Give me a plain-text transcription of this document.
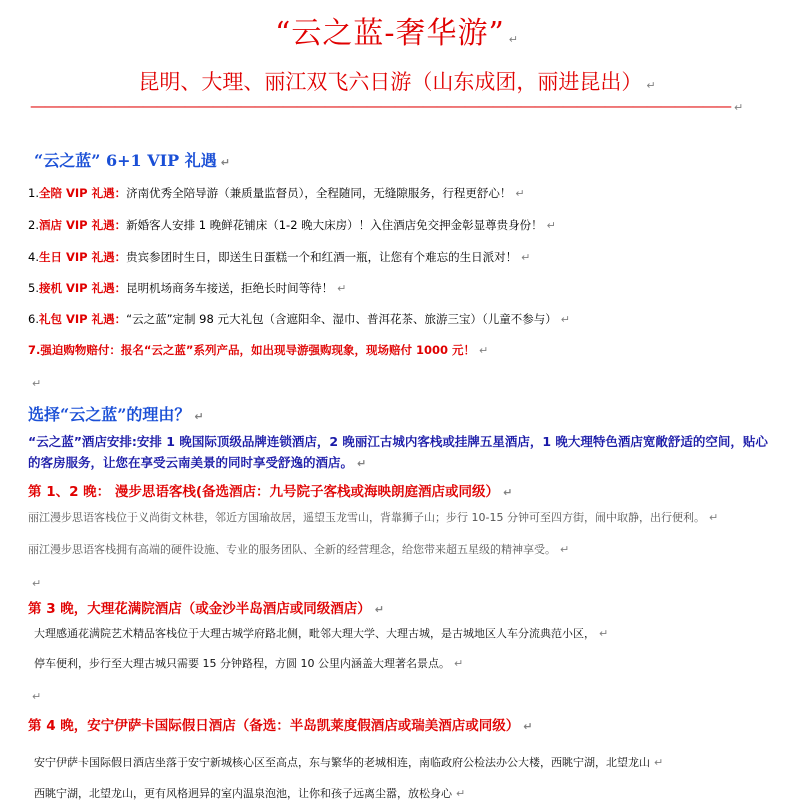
“云之蓝-奢华游” ↵
昆明、大理、丽江双飞六日游（山东成团，丽进昆出） ↵
—————————————————————————————————————————————————— ↵
“云之蓝” 6+1 VIP 礼遇 ↵
1.全陪 VIP 礼遇：济南优秀全陪导游（兼质量监督员），全程随同，无缝隙服务，行程更舒心！ ↵
2.酒店 VIP 礼遇：新婚客人安排 1 晚鲜花铺床（1-2 晚大床房）！入住酒店免交押金彰显尊贵身份！ ↵
4.生日 VIP 礼遇：贵宾参团时生日，即送生日蛋糕一个和红酒一瓶，让您有个难忘的生日派对！ ↵
5.接机 VIP 礼遇：昆明机场商务车接送，拒绝长时间等待！ ↵
6.礼包 VIP 礼遇：“云之蓝”定制 98 元大礼包（含遮阳伞、湿巾、普洱花茶、旅游三宝）（儿童不参与） ↵
7.强迫购物赔付：报名“云之蓝”系列产品，如出现导游强购现象，现场赔付 1000 元！ ↵
↵
选择“云之蓝”的理由？ ↵
“云之蓝”酒店安排:安排 1 晚国际顶级品牌连锁酒店，2 晚丽江古城内客栈或挂牌五星酒店，1 晚大理特色酒店宽敞舒适的空间，贴心的客房服务，让您在享受云南美景的同时享受舒逸的酒店。 ↵
第 1、2 晚： 漫步思语客栈(备选酒店：九号院子客栈或海映朗庭酒店或同级） ↵
丽江漫步思语客栈位于义尚街文林巷，邻近方国瑜故居，遥望玉龙雪山，背靠狮子山；步行 10-15 分钟可至四方街，闹中取静，出行便利。 ↵
丽江漫步思语客栈拥有高端的硬件设施、专业的服务团队、全新的经营理念，给您带来超五星级的精神享受。 ↵
↵
第 3 晚，大理花满院酒店（或金沙半岛酒店或同级酒店） ↵
大理感通花满院艺术精品客栈位于大理古城学府路北侧，毗邻大理大学、大理古城，是古城地区人车分流典范小区， ↵
停车便利，步行至大理古城只需要 15 分钟路程，方圆 10 公里内涵盖大理著名景点。 ↵
↵
第 4 晚，安宁伊萨卡国际假日酒店（备选：半岛凯莱度假酒店或瑞美酒店或同级） ↵
安宁伊萨卡国际假日酒店坐落于安宁新城核心区至高点，东与繁华的老城相连，南临政府公检法办公大楼，西眺宁湖，北望龙山 ↵
西眺宁湖，北望龙山，更有风格迥异的室内温泉泡池，让你和孩子远离尘嚣，放松身心 ↵
